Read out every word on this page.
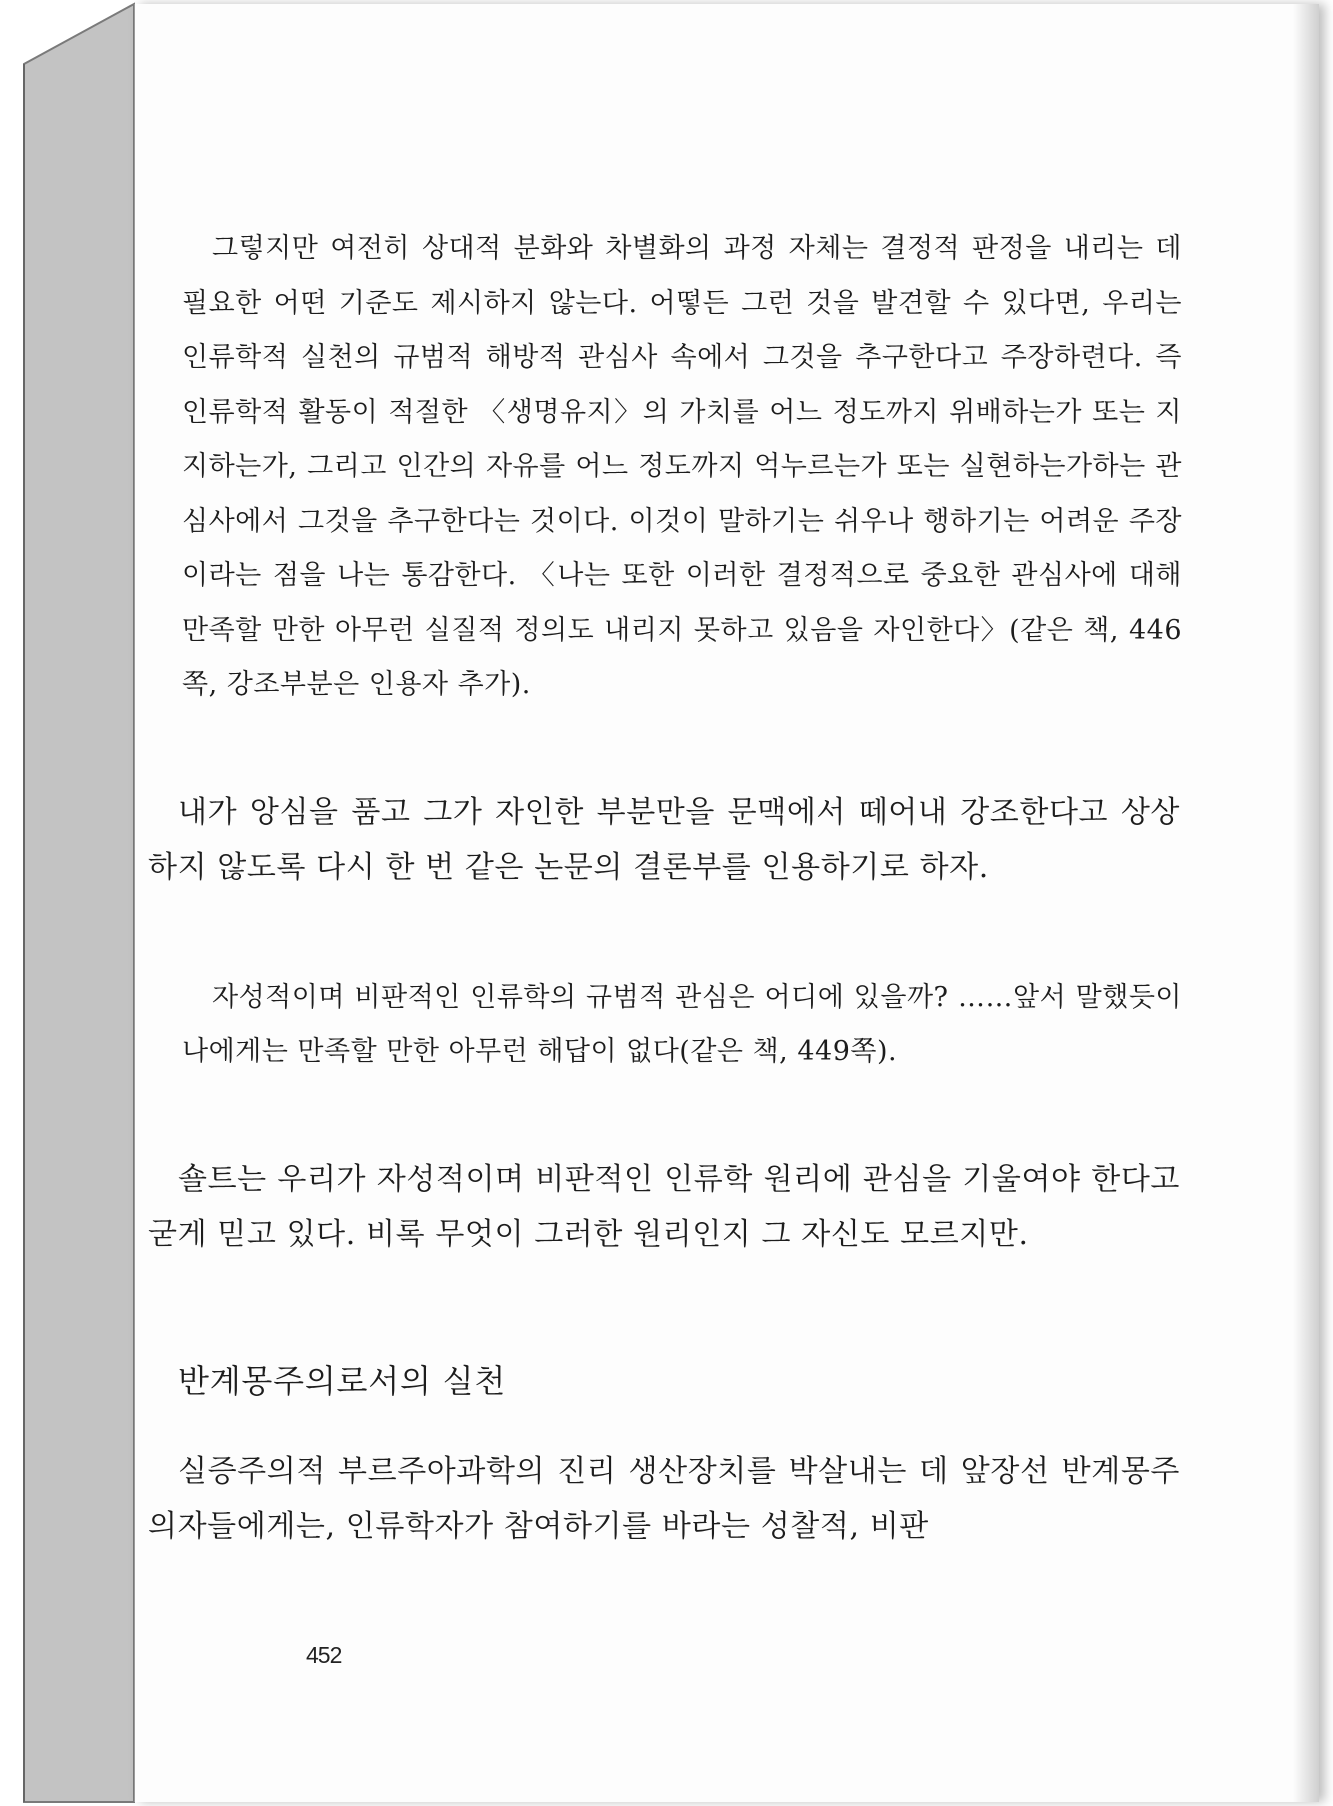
그렇지만 여전히 상대적 분화와 차별화의 과정 자체는 결정적 판정을 내리는 데 필요한 어떤 기준도 제시하지 않는다. 어떻든 그런 것을 발견할 수 있다면, 우리는 인류학적 실천의 규범적 해방적 관심사 속에서 그것을 추구한다고 주장하련다. 즉 인류학적 활동이 적절한 〈생명유지〉의 가치를 어느 정도까지 위배하는가 또는 지지하는가, 그리고 인간의 자유를 어느 정도까지 억누르는가 또는 실현하는가하는 관심사에서 그것을 추구한다는 것이다. 이것이 말하기는 쉬우나 행하기는 어려운 주장이라는 점을 나는 통감한다. 〈나는 또한 이러한 결정적으로 중요한 관심사에 대해 만족할 만한 아무런 실질적 정의도 내리지 못하고 있음을 자인한다〉(같은 책, 446쪽, 강조부분은 인용자 추가).

내가 앙심을 품고 그가 자인한 부분만을 문맥에서 떼어내 강조한다고 상상하지 않도록 다시 한 번 같은 논문의 결론부를 인용하기로 하자.

자성적이며 비판적인 인류학의 규범적 관심은 어디에 있을까? ……앞서 말했듯이 나에게는 만족할 만한 아무런 해답이 없다(같은 책, 449쪽).

숄트는 우리가 자성적이며 비판적인 인류학 원리에 관심을 기울여야 한다고 굳게 믿고 있다. 비록 무엇이 그러한 원리인지 그 자신도 모르지만.

반계몽주의로서의 실천

실증주의적 부르주아과학의 진리 생산장치를 박살내는 데 앞장선 반계몽주의자들에게는, 인류학자가 참여하기를 바라는 성찰적, 비판

452
